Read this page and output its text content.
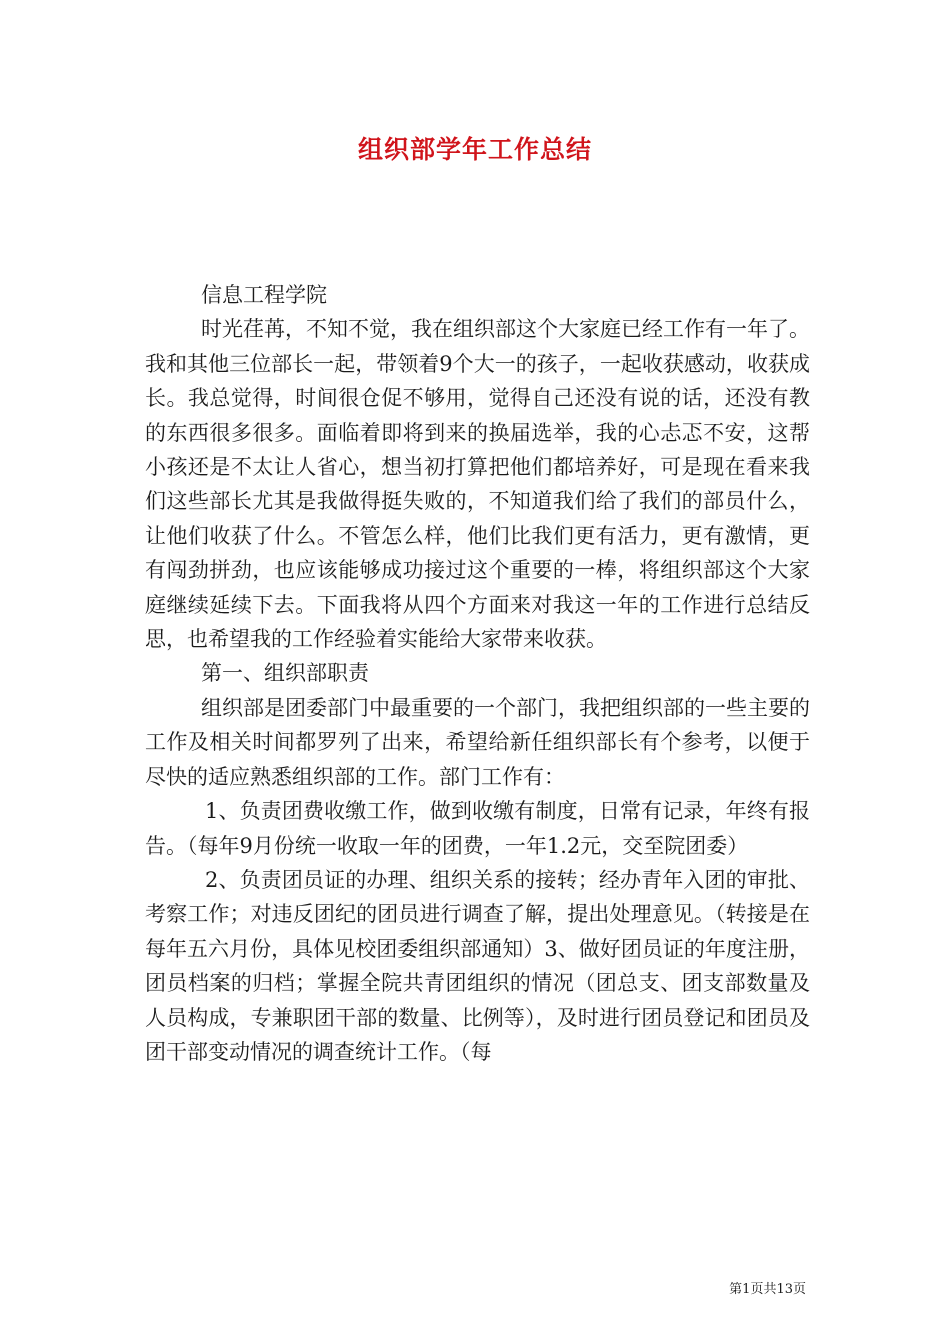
组织部学年工作总结

信息工程学院

时光荏苒，不知不觉，我在组织部这个大家庭已经工作有一年了。我和其他三位部长一起，带领着9个大一的孩子，一起收获感动，收获成长。我总觉得，时间很仓促不够用，觉得自己还没有说的话，还没有教的东西很多很多。面临着即将到来的换届选举，我的心忐忑不安，这帮小孩还是不太让人省心，想当初打算把他们都培养好，可是现在看来我们这些部长尤其是我做得挺失败的，不知道我们给了我们的部员什么，让他们收获了什么。不管怎么样，他们比我们更有活力，更有激情，更有闯劲拼劲，也应该能够成功接过这个重要的一棒，将组织部这个大家庭继续延续下去。下面我将从四个方面来对我这一年的工作进行总结反思，也希望我的工作经验着实能给大家带来收获。

第一、组织部职责

组织部是团委部门中最重要的一个部门，我把组织部的一些主要的工作及相关时间都罗列了出来，希望给新任组织部长有个参考，以便于尽快的适应熟悉组织部的工作。部门工作有：

1、负责团费收缴工作，做到收缴有制度，日常有记录，年终有报告。（每年9月份统一收取一年的团费，一年1.2元，交至院团委）

2、负责团员证的办理、组织关系的接转；经办青年入团的审批、考察工作；对违反团纪的团员进行调查了解，提出处理意见。（转接是在每年五六月份，具体见校团委组织部通知）3、做好团员证的年度注册，团员档案的归档；掌握全院共青团组织的情况（团总支、团支部数量及人员构成，专兼职团干部的数量、比例等），及时进行团员登记和团员及团干部变动情况的调查统计工作。（每

第1页共13页
